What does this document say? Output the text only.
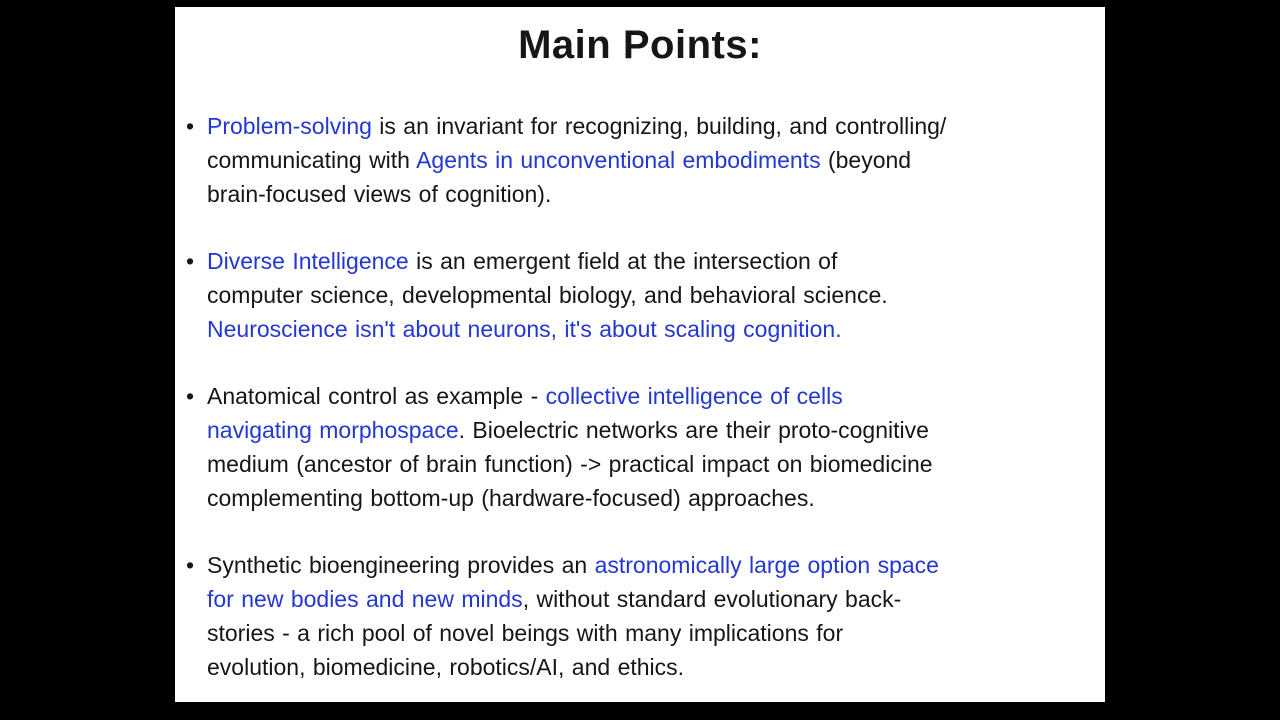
Main Points:
• Problem-solving is an invariant for recognizing, building, and controlling/
communicating with Agents in unconventional embodiments (beyond
brain-focused views of cognition).
• Diverse Intelligence is an emergent field at the intersection of
computer science, developmental biology, and behavioral science.
Neuroscience isn't about neurons, it's about scaling cognition.
• Anatomical control as example - collective intelligence of cells
navigating morphospace. Bioelectric networks are their proto-cognitive
medium (ancestor of brain function) -> practical impact on biomedicine
complementing bottom-up (hardware-focused) approaches.
• Synthetic bioengineering provides an astronomically large option space
for new bodies and new minds, without standard evolutionary back-
stories - a rich pool of novel beings with many implications for
evolution, biomedicine, robotics/AI, and ethics.
